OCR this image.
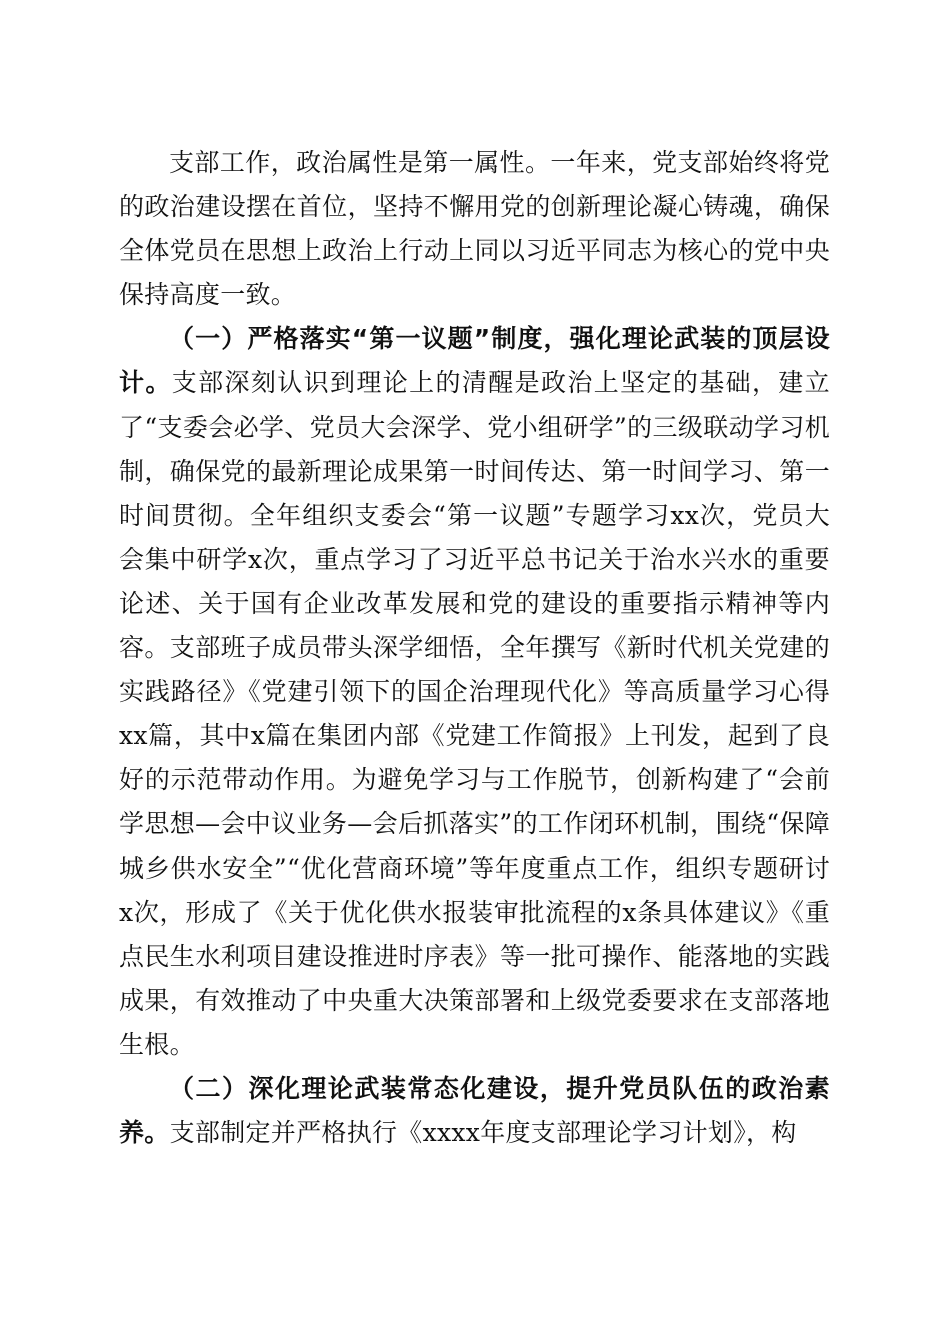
支部工作，政治属性是第一属性。一年来，党支部始终将党的政治建设摆在首位，坚持不懈用党的创新理论凝心铸魂，确保全体党员在思想上政治上行动上同以习近平同志为核心的党中央保持高度一致。

（一）严格落实“第一议题”制度，强化理论武装的顶层设计。支部深刻认识到理论上的清醒是政治上坚定的基础，建立了“支委会必学、党员大会深学、党小组研学”的三级联动学习机制，确保党的最新理论成果第一时间传达、第一时间学习、第一时间贯彻。全年组织支委会“第一议题”专题学习xx次，党员大会集中研学x次，重点学习了习近平总书记关于治水兴水的重要论述、关于国有企业改革发展和党的建设的重要指示精神等内容。支部班子成员带头深学细悟，全年撰写《新时代机关党建的实践路径》《党建引领下的国企治理现代化》等高质量学习心得xx篇，其中x篇在集团内部《党建工作简报》上刊发，起到了良好的示范带动作用。为避免学习与工作脱节，创新构建了“会前学思想—会中议业务—会后抓落实”的工作闭环机制，围绕“保障城乡供水安全”“优化营商环境”等年度重点工作，组织专题研讨x次，形成了《关于优化供水报装审批流程的x条具体建议》《重点民生水利项目建设推进时序表》等一批可操作、能落地的实践成果，有效推动了中央重大决策部署和上级党委要求在支部落地生根。

（二）深化理论武装常态化建设，提升党员队伍的政治素养。支部制定并严格执行《xxxx年度支部理论学习计划》，构
